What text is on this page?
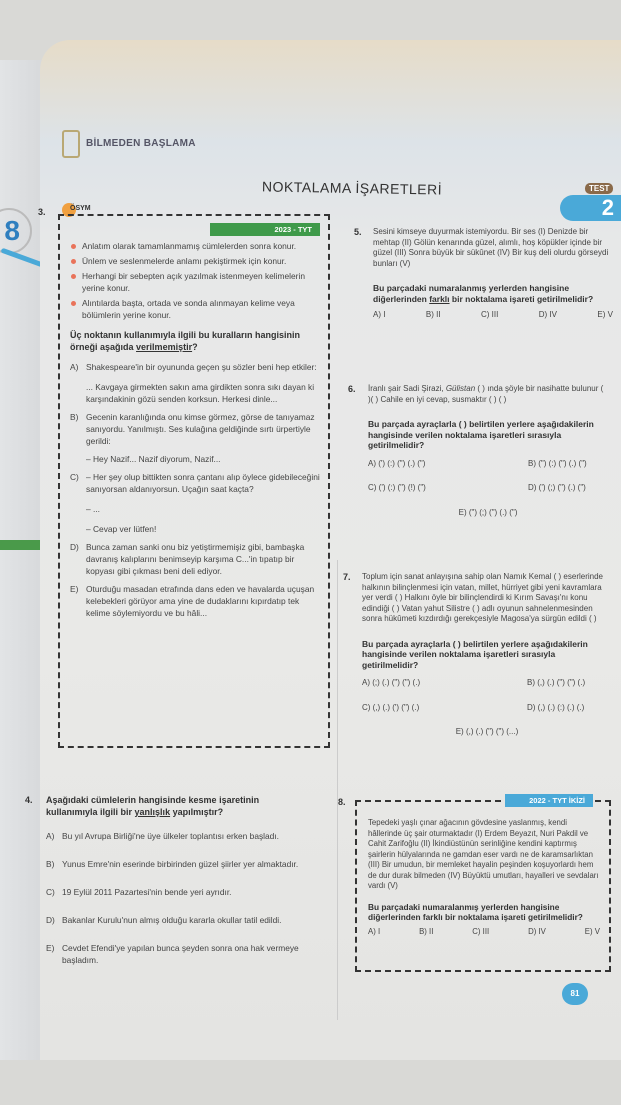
8
BİLMEDEN BAŞLAMA
NOKTALAMA İŞARETLERİ	TEST
2
3.	ÖSYM
2023 - TYT
Anlatım olarak tamamlanmamış cümlelerden sonra konur.
Ünlem ve seslenmelerde anlamı pekiştirmek için konur.
Herhangi bir sebepten açık yazılmak istenmeyen kelimelerin yerine konur.
Alıntılarda başta, ortada ve sonda alınmayan kelime veya bölümlerin yerine konur.

Üç noktanın kullanımıyla ilgili bu kuralların hangisinin örneği aşağıda verilmemiştir?

A) Shakespeare'in bir oyununda geçen şu sözler beni hep etkiler:

... Kavgaya girmekten sakın ama girdikten sonra sıkı dayan ki karşındakinin gözü senden korksun. Herkesi dinle...

B) Gecenin karanlığında onu kimse görmez, görse de tanıyamaz sanıyordu. Yanılmıştı. Ses kulağına geldiğinde sırtı ürpertiyle gerildi:

– Hey Nazif... Nazif diyorum, Nazif...

C) – Her şey olup bittikten sonra çantanı alıp öylece gidebileceğini sanıyorsan aldanıyorsun. Uçağın saat kaçta?

– ...

– Cevap ver lütfen!

D) Bunca zaman sanki onu biz yetiştirmemişiz gibi, bambaşka davranış kalıplarını benimseyip karşıma C...'in tıpatıp bir kopyası gibi çıkması beni deli ediyor.

E) Oturduğu masadan etrafında dans eden ve havalarda uçuşan kelebekleri görüyor ama yine de dudaklarını kıpırdatıp tek kelime söylemiyordu ve bu hâli...

4. Aşağıdaki cümlelerin hangisinde kesme işaretinin kullanımıyla ilgili bir yanlışlık yapılmıştır?

A) Bu yıl Avrupa Birliği'ne üye ülkeler toplantısı erken başladı.

B) Yunus Emre'nin eserinde birbirinden güzel şiirler yer almaktadır.

C) 19 Eylül 2011 Pazartesi'nin bende yeri ayrıdır.

D) Bakanlar Kurulu'nun almış olduğu kararla okullar tatil edildi.

E) Cevdet Efendi'ye yapılan bunca şeyden sonra ona hak vermeye başladım.

5. Sesini kimseye duyurmak istemiyordu. Bir ses (I) Denizde bir mehtap (II) Gölün kenarında güzel, alımlı, hoş köpükler içinde bir güzel (III) Sonra büyük bir sükûnet (IV) Bir kuş deli olurdu görseydi bunları (V)

Bu parçadaki numaralanmış yerlerden hangisine diğerlerinden farklı bir noktalama işareti getirilmelidir?

A) I	B) II	C) III	D) IV	E) V
6. İranlı şair Sadi Şirazi, Gülistan ( ) ında şöyle bir nasihatte bulunur ( )( ) Cahile en iyi cevap, susmaktır ( ) ( )

Bu parçada ayraçlarla ( ) belirtilen yerlere aşağıdakilerin hangisinde verilen noktalama işaretleri sırasıyla getirilmelidir?

A) (') (:) (") (.) (")	B) (") (:) (") (.) (")
C) (') (:) (") (!) (")	D) (') (;) (") (.) (")
E) (") (;) (") (.) (")
7. Toplum için sanat anlayışına sahip olan Namık Kemal ( ) eserlerinde halkının bilinçlenmesi için vatan, millet, hürriyet gibi yeni kavramlara yer verdi ( ) Halkını öyle bir bilinçlendirdi ki Kırım Savaşı'nı konu edindiği ( ) Vatan yahut Silistre ( ) adlı oyunun sahnelenmesinden sonra hükûmeti kızdırdığı gerekçesiyle Magosa'ya sürgün edildi ( )

Bu parçada ayraçlarla ( ) belirtilen yerlere aşağıdakilerin hangisinde verilen noktalama işaretleri sırasıyla getirilmelidir?

A) (;) (.) (") (") (.)	B) (,) (.) (") (") (.)
C) (,) (.) (') (") (.)	D) (,) (.) (:) (.) (.)
E) (,) (.) (") (") (...)
8.	2022 - TYT İKİZİ

Tepedeki yaşlı çınar ağacının gövdesine yaslanmış, kendi hâllerinde üç şair oturmaktadır (I) Erdem Beyazıt, Nuri Pakdil ve Cahit Zarifoğlu (II) İkindiüstünün serinliğine kendini kaptırmış şairlerin hülyalarında ne gamdan eser vardı ne de karamsarlıktan (III) Bir umudun, bir memleket hayalin peşinden koşuyorlardı hem de dur durak bilmeden (IV) Büyüktü umutları, hayalleri ve sevdaları vardı (V)

Bu parçadaki numaralanmış yerlerden hangisine diğerlerinden farklı bir noktalama işareti getirilmelidir?

A) I	B) II	C) III	D) IV	E) V
81
